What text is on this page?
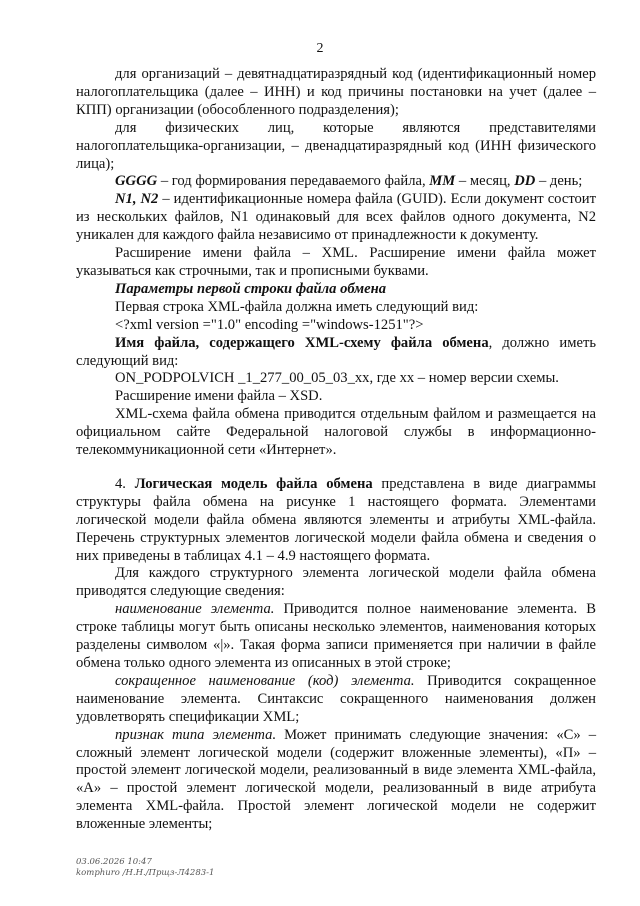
2

для организаций – девятнадцатиразрядный код (идентификационный номер налогоплательщика (далее – ИНН) и код причины постановки на учет (далее – КПП) организации (обособленного подразделения);

для физических лиц, которые являются представителями налогоплательщика-организации, – двенадцатиразрядный код (ИНН физического лица);

GGGG – год формирования передаваемого файла, ММ – месяц, DD – день;

N1, N2 – идентификационные номера файла (GUID). Если документ состоит из нескольких файлов, N1 одинаковый для всех файлов одного документа, N2 уникален для каждого файла независимо от принадлежности к документу.

Расширение имени файла – XML. Расширение имени файла может указываться как строчными, так и прописными буквами.

Параметры первой строки файла обмена

Первая строка XML-файла должна иметь следующий вид:

<?xml version ="1.0" encoding ="windows-1251"?>

Имя файла, содержащего XML-схему файла обмена, должно иметь следующий вид:

ON_PODPOLVICH _1_277_00_05_03_xx, где хх – номер версии схемы.

Расширение имени файла – XSD.

XML-схема файла обмена приводится отдельным файлом и размещается на официальном сайте Федеральной налоговой службы в информационно-телекоммуникационной сети «Интернет».

4. Логическая модель файла обмена представлена в виде диаграммы структуры файла обмена на рисунке 1 настоящего формата. Элементами логической модели файла обмена являются элементы и атрибуты XML-файла. Перечень структурных элементов логической модели файла обмена и сведения о них приведены в таблицах 4.1 – 4.9 настоящего формата.

Для каждого структурного элемента логической модели файла обмена приводятся следующие сведения:

наименование элемента. Приводится полное наименование элемента. В строке таблицы могут быть описаны несколько элементов, наименования которых разделены символом «|». Такая форма записи применяется при наличии в файле обмена только одного элемента из описанных в этой строке;

сокращенное наименование (код) элемента. Приводится сокращенное наименование элемента. Синтаксис сокращенного наименования должен удовлетворять спецификации XML;

признак типа элемента. Может принимать следующие значения: «С» – сложный элемент логической модели (содержит вложенные элементы), «П» – простой элемент логической модели, реализованный в виде элемента XML-файла, «А» – простой элемент логической модели, реализованный в виде атрибута элемента XML-файла. Простой элемент логической модели не содержит вложенные элементы;

03.06.2026 10:47
komphuro /Н.Н./Прщз-Л4283-1
